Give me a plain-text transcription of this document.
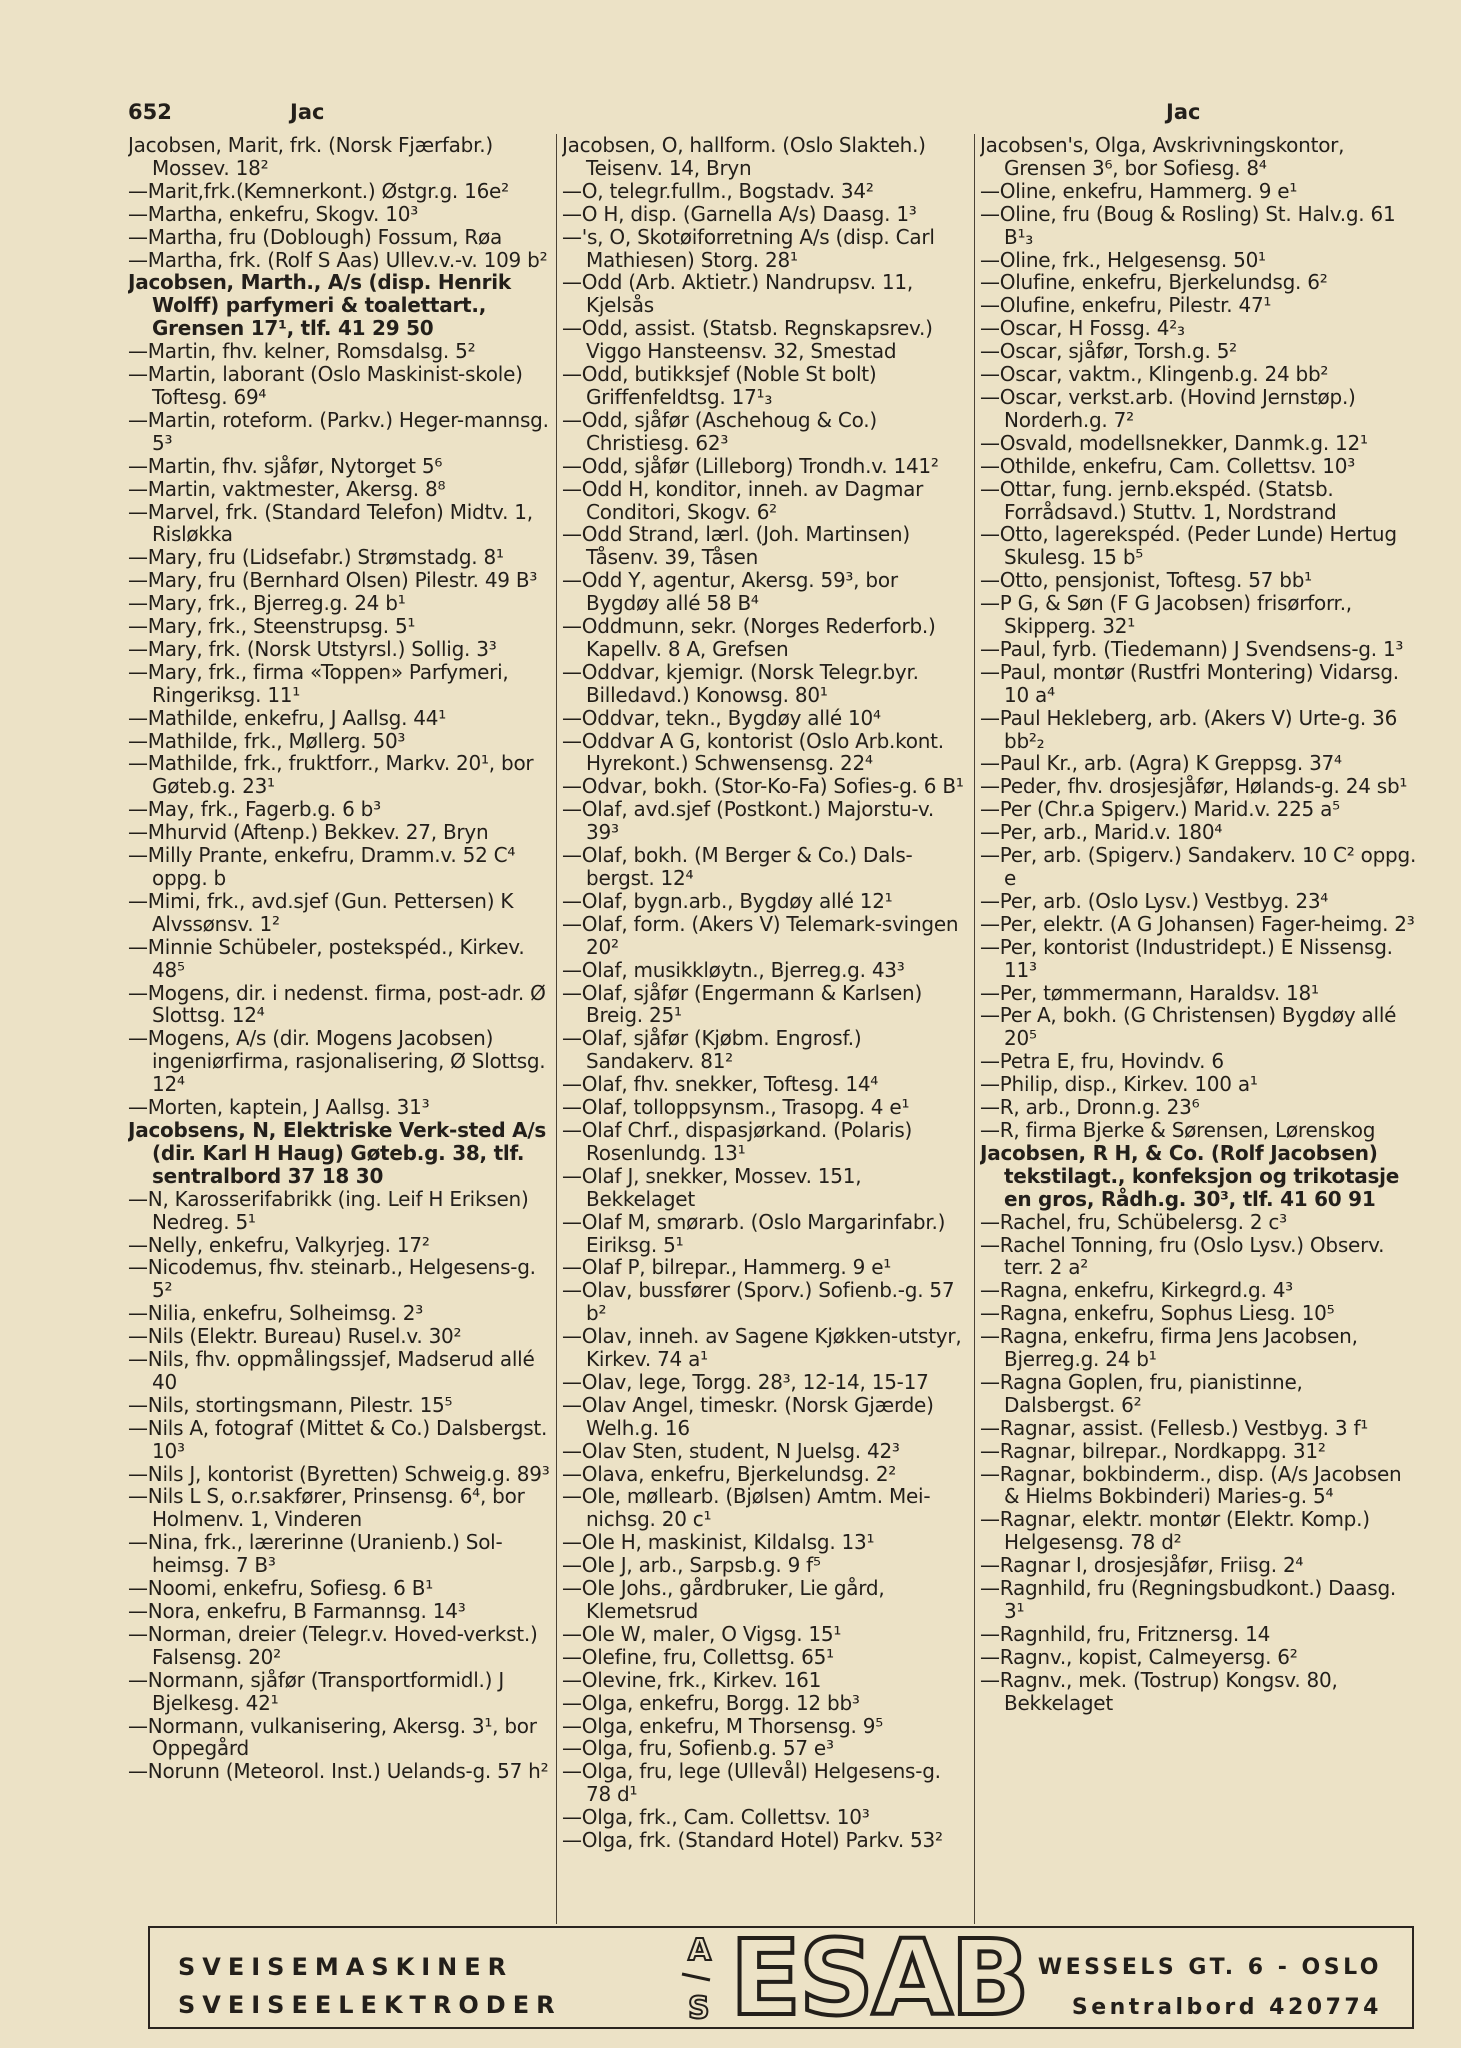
652	Jac	Jac
Jacobsen, Marit, frk. (Norsk Fjærfabr.) Mossev. 18²
—Marit,frk.(Kemnerkont.) Østgr.g. 16e²
—Martha, enkefru, Skogv. 10³
—Martha, fru (Doblough) Fossum, Røa
—Martha, frk. (Rolf S Aas) Ullev.v.-v. 109 b²
Jacobsen, Marth., A/s (disp. Henrik Wolff) parfymeri & toalettart., Grensen 17¹, tlf. 41 29 50
—Martin, fhv. kelner, Romsdalsg. 5²
—Martin, laborant (Oslo Maskinist-skole) Toftesg. 69⁴
—Martin, roteform. (Parkv.) Heger-mannsg. 5³
—Martin, fhv. sjåfør, Nytorget 5⁶
—Martin, vaktmester, Akersg. 8⁸
—Marvel, frk. (Standard Telefon) Midtv. 1, Risløkka
—Mary, fru (Lidsefabr.) Strømstadg. 8¹
—Mary, fru (Bernhard Olsen) Pilestr. 49 B³
—Mary, frk., Bjerreg.g. 24 b¹
—Mary, frk., Steenstrupsg. 5¹
—Mary, frk. (Norsk Utstyrsl.) Sollig. 3³
—Mary, frk., firma «Toppen» Parfymeri, Ringeriksg. 11¹
—Mathilde, enkefru, J Aallsg. 44¹
—Mathilde, frk., Møllerg. 50³
—Mathilde, frk., fruktforr., Markv. 20¹, bor Gøteb.g. 23¹
—May, frk., Fagerb.g. 6 b³
—Mhurvid (Aftenp.) Bekkev. 27, Bryn
—Milly Prante, enkefru, Dramm.v. 52 C⁴ oppg. b
—Mimi, frk., avd.sjef (Gun. Pettersen) K Alvssønsv. 1²
—Minnie Schübeler, postekspéd., Kirkev. 48⁵
—Mogens, dir. i nedenst. firma, post-adr. Ø Slottsg. 12⁴
—Mogens, A/s (dir. Mogens Jacobsen) ingeniørfirma, rasjonalisering, Ø Slottsg. 12⁴
—Morten, kaptein, J Aallsg. 31³
Jacobsens, N, Elektriske Verk-sted A/s (dir. Karl H Haug) Gøteb.g. 38, tlf. sentralbord 37 18 30
—N, Karosserifabrikk (ing. Leif H Eriksen) Nedreg. 5¹
—Nelly, enkefru, Valkyrjeg. 17²
—Nicodemus, fhv. steinarb., Helgesens-g. 5²
—Nilia, enkefru, Solheimsg. 2³
—Nils (Elektr. Bureau) Rusel.v. 30²
—Nils, fhv. oppmålingssjef, Madserud allé 40
—Nils, stortingsmann, Pilestr. 15⁵
—Nils A, fotograf (Mittet & Co.) Dalsbergst. 10³
—Nils J, kontorist (Byretten) Schweig.g. 89³
—Nils L S, o.r.sakfører, Prinsensg. 6⁴, bor Holmenv. 1, Vinderen
—Nina, frk., lærerinne (Uranienb.) Sol-heimsg. 7 B³
—Noomi, enkefru, Sofiesg. 6 B¹
—Nora, enkefru, B Farmannsg. 14³
—Norman, dreier (Telegr.v. Hoved-verkst.) Falsensg. 20²
—Normann, sjåfør (Transportformidl.) J Bjelkesg. 42¹
—Normann, vulkanisering, Akersg. 3¹, bor Oppegård
—Norunn (Meteorol. Inst.) Uelands-g. 57 h²
Jacobsen, O, hallform. (Oslo Slakteh.) Teisenv. 14, Bryn
—O, telegr.fullm., Bogstadv. 34²
—O H, disp. (Garnella A/s) Daasg. 1³
—'s, O, Skotøiforretning A/s (disp. Carl Mathiesen) Storg. 28¹
—Odd (Arb. Aktietr.) Nandrupsv. 11, Kjelsås
—Odd, assist. (Statsb. Regnskapsrev.) Viggo Hansteensv. 32, Smestad
—Odd, butikksjef (Noble St bolt) Griffenfeldtsg. 17¹₃
—Odd, sjåfør (Aschehoug & Co.) Christiesg. 62³
—Odd, sjåfør (Lilleborg) Trondh.v. 141²
—Odd H, konditor, inneh. av Dagmar Conditori, Skogv. 6²
—Odd Strand, lærl. (Joh. Martinsen) Tåsenv. 39, Tåsen
—Odd Y, agentur, Akersg. 59³, bor Bygdøy allé 58 B⁴
—Oddmunn, sekr. (Norges Rederforb.) Kapellv. 8 A, Grefsen
—Oddvar, kjemigr. (Norsk Telegr.byr. Billedavd.) Konowsg. 80¹
—Oddvar, tekn., Bygdøy allé 10⁴
—Oddvar A G, kontorist (Oslo Arb.kont. Hyrekont.) Schwensensg. 22⁴
—Odvar, bokh. (Stor-Ko-Fa) Sofies-g. 6 B¹
—Olaf, avd.sjef (Postkont.) Majorstu-v. 39³
—Olaf, bokh. (M Berger & Co.) Dals-bergst. 12⁴
—Olaf, bygn.arb., Bygdøy allé 12¹
—Olaf, form. (Akers V) Telemark-svingen 20²
—Olaf, musikkløytn., Bjerreg.g. 43³
—Olaf, sjåfør (Engermann & Karlsen) Breig. 25¹
—Olaf, sjåfør (Kjøbm. Engrosf.) Sandakerv. 81²
—Olaf, fhv. snekker, Toftesg. 14⁴
—Olaf, tolloppsynsm., Trasopg. 4 e¹
—Olaf Chrf., dispasjørkand. (Polaris) Rosenlundg. 13¹
—Olaf J, snekker, Mossev. 151, Bekkelaget
—Olaf M, smørarb. (Oslo Margarinfabr.) Eiriksg. 5¹
—Olaf P, bilrepar., Hammerg. 9 e¹
—Olav, bussfører (Sporv.) Sofienb.-g. 57 b²
—Olav, inneh. av Sagene Kjøkken-utstyr, Kirkev. 74 a¹
—Olav, lege, Torgg. 28³, 12-14, 15-17
—Olav Angel, timeskr. (Norsk Gjærde) Welh.g. 16
—Olav Sten, student, N Juelsg. 42³
—Olava, enkefru, Bjerkelundsg. 2²
—Ole, møllearb. (Bjølsen) Amtm. Mei-nichsg. 20 c¹
—Ole H, maskinist, Kildalsg. 13¹
—Ole J, arb., Sarpsb.g. 9 f⁵
—Ole Johs., gårdbruker, Lie gård, Klemetsrud
—Ole W, maler, O Vigsg. 15¹
—Olefine, fru, Collettsg. 65¹
—Olevine, frk., Kirkev. 161
—Olga, enkefru, Borgg. 12 bb³
—Olga, enkefru, M Thorsensg. 9⁵
—Olga, fru, Sofienb.g. 57 e³
—Olga, fru, lege (Ullevål) Helgesens-g. 78 d¹
—Olga, frk., Cam. Collettsv. 10³
—Olga, frk. (Standard Hotel) Parkv. 53²
Jacobsen's, Olga, Avskrivningskontor, Grensen 3⁶, bor Sofiesg. 8⁴
—Oline, enkefru, Hammerg. 9 e¹
—Oline, fru (Boug & Rosling) St. Halv.g. 61 B¹₃
—Oline, frk., Helgesensg. 50¹
—Olufine, enkefru, Bjerkelundsg. 6²
—Olufine, enkefru, Pilestr. 47¹
—Oscar, H Fossg. 4²₃
—Oscar, sjåfør, Torsh.g. 5²
—Oscar, vaktm., Klingenb.g. 24 bb²
—Oscar, verkst.arb. (Hovind Jernstøp.) Norderh.g. 7²
—Osvald, modellsnekker, Danmk.g. 12¹
—Othilde, enkefru, Cam. Collettsv. 10³
—Ottar, fung. jernb.ekspéd. (Statsb. Forrådsavd.) Stuttv. 1, Nordstrand
—Otto, lagerekspéd. (Peder Lunde) Hertug Skulesg. 15 b⁵
—Otto, pensjonist, Toftesg. 57 bb¹
—P G, & Søn (F G Jacobsen) frisørforr., Skipperg. 32¹
—Paul, fyrb. (Tiedemann) J Svendsens-g. 1³
—Paul, montør (Rustfri Montering) Vidarsg. 10 a⁴
—Paul Hekleberg, arb. (Akers V) Urte-g. 36 bb²₂
—Paul Kr., arb. (Agra) K Greppsg. 37⁴
—Peder, fhv. drosjesjåfør, Hølands-g. 24 sb¹
—Per (Chr.a Spigerv.) Marid.v. 225 a⁵
—Per, arb., Marid.v. 180⁴
—Per, arb. (Spigerv.) Sandakerv. 10 C² oppg. e
—Per, arb. (Oslo Lysv.) Vestbyg. 23⁴
—Per, elektr. (A G Johansen) Fager-heimg. 2³
—Per, kontorist (Industridept.) E Nissensg. 11³
—Per, tømmermann, Haraldsv. 18¹
—Per A, bokh. (G Christensen) Bygdøy allé 20⁵
—Petra E, fru, Hovindv. 6
—Philip, disp., Kirkev. 100 a¹
—R, arb., Dronn.g. 23⁶
—R, firma Bjerke & Sørensen, Lørenskog
Jacobsen, R H, & Co. (Rolf Jacobsen) tekstilagt., konfeksjon og trikotasje en gros, Rådh.g. 30³, tlf. 41 60 91
—Rachel, fru, Schübelersg. 2 c³
—Rachel Tonning, fru (Oslo Lysv.) Observ. terr. 2 a²
—Ragna, enkefru, Kirkegrd.g. 4³
—Ragna, enkefru, Sophus Liesg. 10⁵
—Ragna, enkefru, firma Jens Jacobsen, Bjerreg.g. 24 b¹
—Ragna Goplen, fru, pianistinne, Dalsbergst. 6²
—Ragnar, assist. (Fellesb.) Vestbyg. 3 f¹
—Ragnar, bilrepar., Nordkappg. 31²
—Ragnar, bokbinderm., disp. (A/s Jacobsen & Hielms Bokbinderi) Maries-g. 5⁴
—Ragnar, elektr. montør (Elektr. Komp.) Helgesensg. 78 d²
—Ragnar I, drosjesjåfør, Friisg. 2⁴
—Ragnhild, fru (Regningsbudkont.) Daasg. 3¹
—Ragnhild, fru, Fritznersg. 14
—Ragnv., kopist, Calmeyersg. 6²
—Ragnv., mek. (Tostrup) Kongsv. 80, Bekkelaget
SVEISEMASKINER
SVEISEELEKTRODER
A
S ESAB WESSELS GT. 6 - OSLO
Sentralbord 420774
